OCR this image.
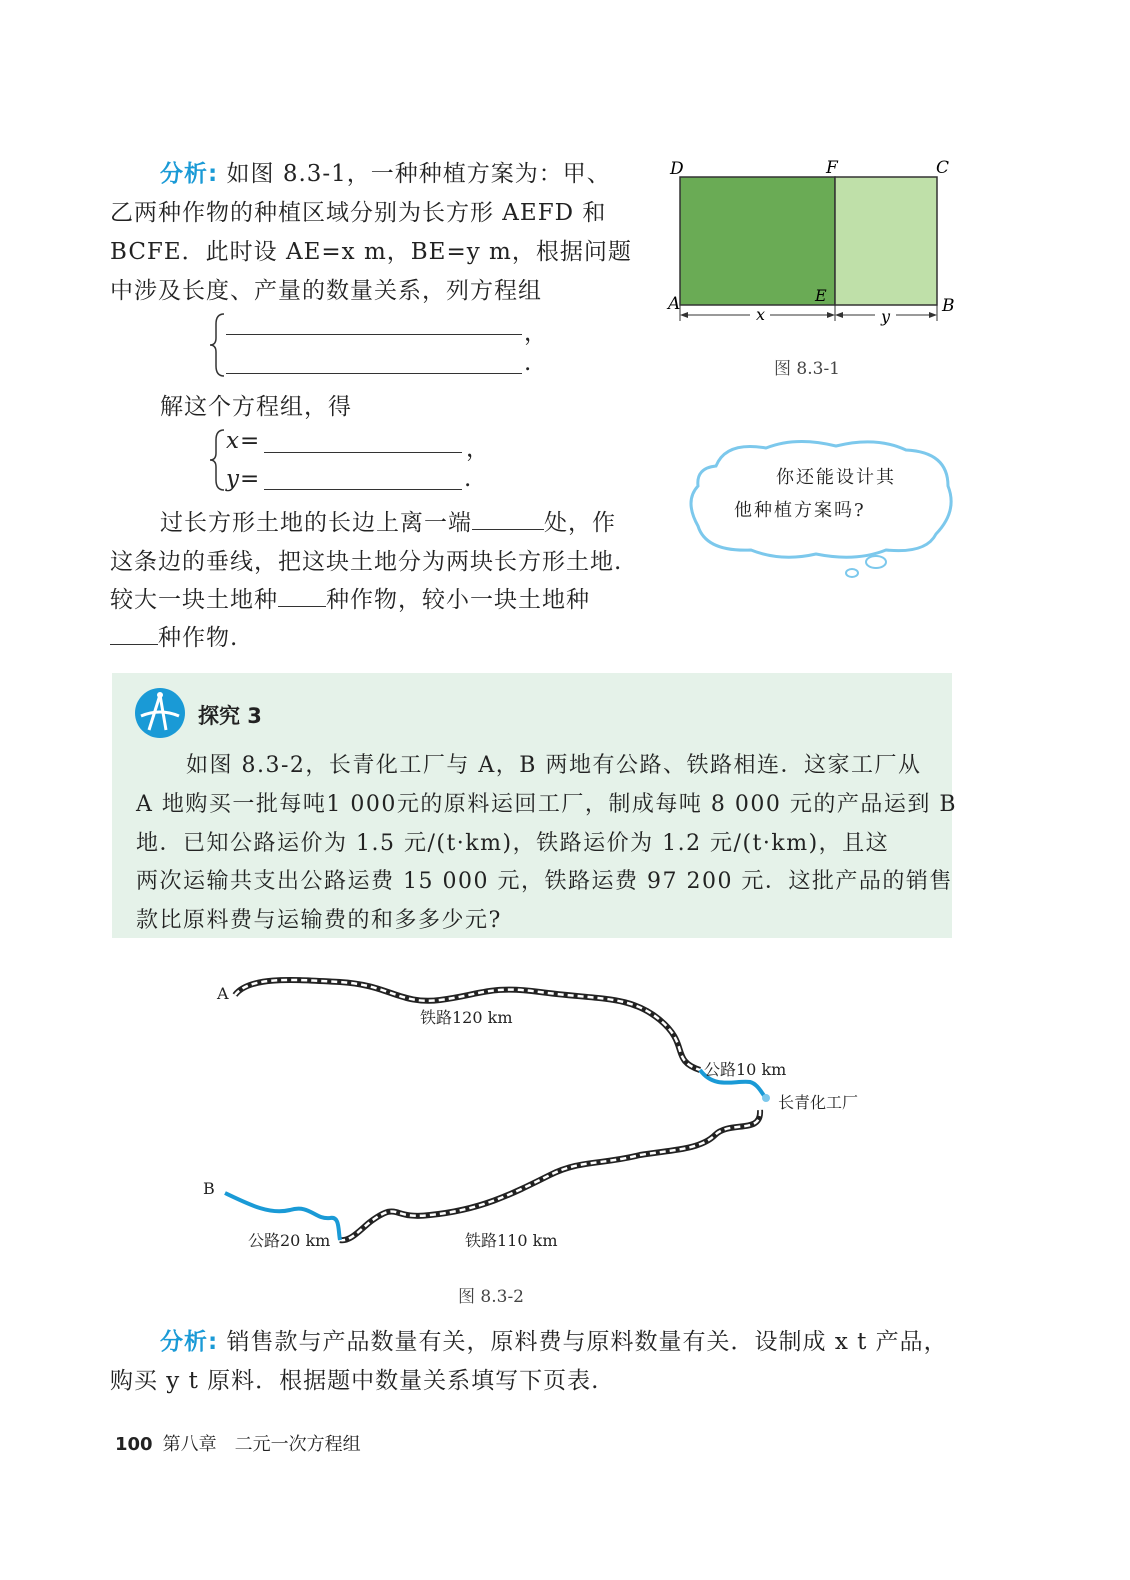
分析: 如图 8.3-1，一种种植方案为：甲、
乙两种作物的种植区域分别为长方形 AEFD 和
BCFE．此时设 AE=x m，BE=y m，根据问题
中涉及长度、产量的数量关系，列方程组
，
.
解这个方程组，得
x=	，
y=	.
过长方形土地的长边上离一端	处，作
这条边的垂线，把这块土地分为两块长方形土地.
较大一块土地种 种作物，较小一块土地种
种作物.
D	F	C
A	E
B
x	y
图 8.3-1
你还能设计其
他种植方案吗?
探究 3
如图 8.3-2，长青化工厂与 A，B 两地有公路、铁路相连．这家工厂从
A 地购买一批每吨1 000元的原料运回工厂，制成每吨 8 000 元的产品运到 B
地．已知公路运价为 1.5 元/(t·km)，铁路运价为 1.2 元/(t·km)，且这
两次运输共支出公路运费 15 000 元，铁路运费 97 200 元．这批产品的销售
款比原料费与运输费的和多多少元?
A
B
铁路120 km
公路10 km
长青化工厂
公路20 km	铁路110 km
图 8.3-2
分析: 销售款与产品数量有关，原料费与原料数量有关．设制成 x t 产品，
购买 y t 原料．根据题中数量关系填写下页表.
100 第八章　二元一次方程组
